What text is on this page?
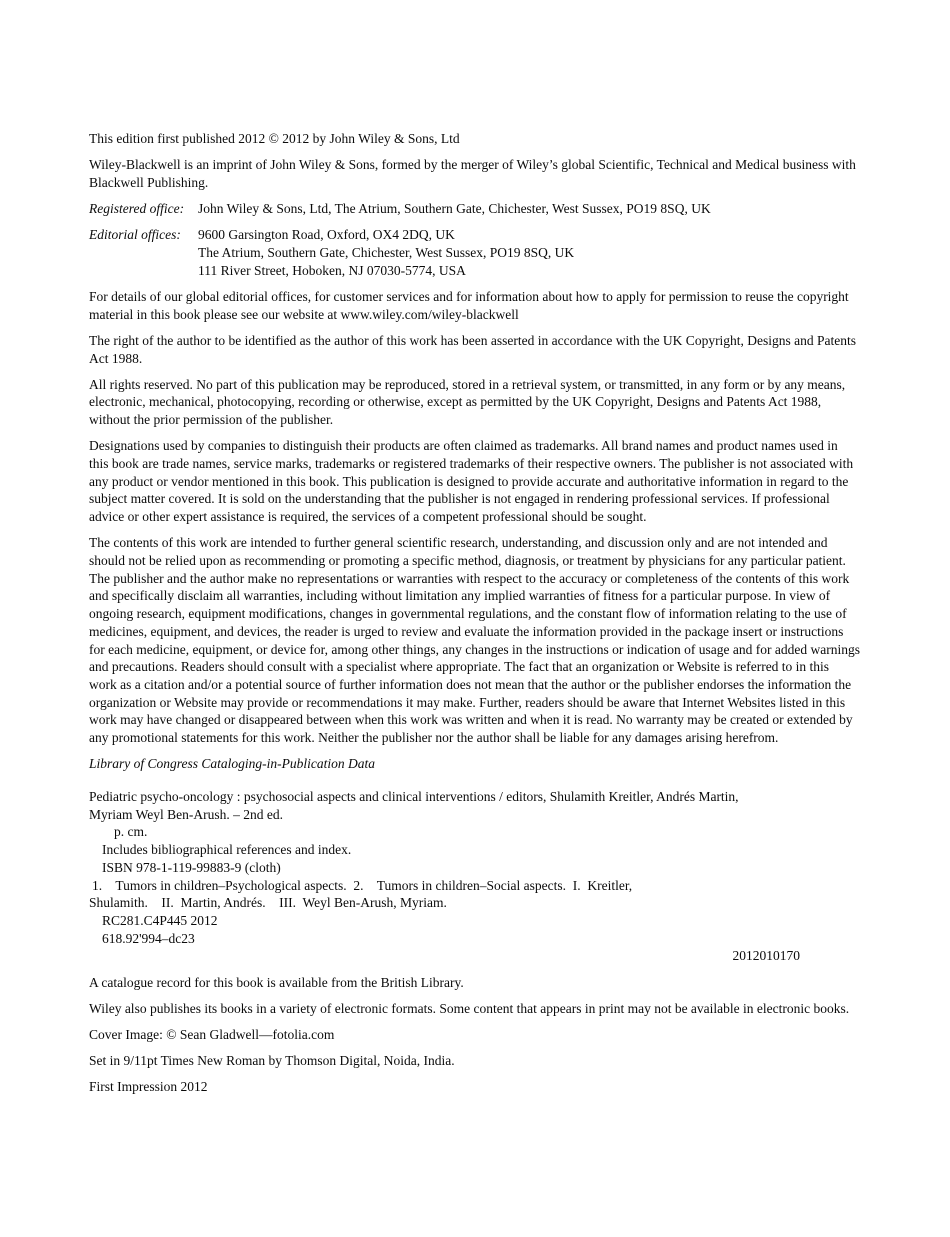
This edition first published 2012 © 2012 by John Wiley & Sons, Ltd

Wiley-Blackwell is an imprint of John Wiley & Sons, formed by the merger of Wiley’s global Scientific, Technical and Medical business with Blackwell Publishing.

Registered office:	John Wiley & Sons, Ltd, The Atrium, Southern Gate, Chichester, West Sussex, PO19 8SQ, UK
Editorial offices:	9600 Garsington Road, Oxford, OX4 2DQ, UK
The Atrium, Southern Gate, Chichester, West Sussex, PO19 8SQ, UK
111 River Street, Hoboken, NJ 07030-5774, USA

For details of our global editorial offices, for customer services and for information about how to apply for permission to reuse the copyright material in this book please see our website at www.wiley.com/wiley-blackwell

The right of the author to be identified as the author of this work has been asserted in accordance with the UK Copyright, Designs and Patents Act 1988.

All rights reserved. No part of this publication may be reproduced, stored in a retrieval system, or transmitted, in any form or by any means, electronic, mechanical, photocopying, recording or otherwise, except as permitted by the UK Copyright, Designs and Patents Act 1988, without the prior permission of the publisher.

Designations used by companies to distinguish their products are often claimed as trademarks. All brand names and product names used in this book are trade names, service marks, trademarks or registered trademarks of their respective owners. The publisher is not associated with any product or vendor mentioned in this book. This publication is designed to provide accurate and authoritative information in regard to the subject matter covered. It is sold on the understanding that the publisher is not engaged in rendering professional services. If professional advice or other expert assistance is required, the services of a competent professional should be sought.

The contents of this work are intended to further general scientific research, understanding, and discussion only and are not intended and should not be relied upon as recommending or promoting a specific method, diagnosis, or treatment by physicians for any particular patient. The publisher and the author make no representations or warranties with respect to the accuracy or completeness of the contents of this work and specifically disclaim all warranties, including without limitation any implied warranties of fitness for a particular purpose. In view of ongoing research, equipment modifications, changes in governmental regulations, and the constant flow of information relating to the use of medicines, equipment, and devices, the reader is urged to review and evaluate the information provided in the package insert or instructions for each medicine, equipment, or device for, among other things, any changes in the instructions or indication of usage and for added warnings and precautions. Readers should consult with a specialist where appropriate. The fact that an organization or Website is referred to in this work as a citation and/or a potential source of further information does not mean that the author or the publisher endorses the information the organization or Website may provide or recommendations it may make. Further, readers should be aware that Internet Websites listed in this work may have changed or disappeared between when this work was written and when it is read. No warranty may be created or extended by any promotional statements for this work. Neither the publisher nor the author shall be liable for any damages arising herefrom.

Library of Congress Cataloging-in-Publication Data

Pediatric psycho-oncology : psychosocial aspects and clinical interventions / editors, Shulamith Kreitler, Andrés Martin,
Myriam Weyl Ben-Arush. – 2nd ed.
p. cm.
Includes bibliographical references and index.
ISBN 978-1-119-99883-9 (cloth)
1.    Tumors in children–Psychological aspects.  2.    Tumors in children–Social aspects.  I.  Kreitler,
Shulamith.    II.  Martin, Andrés.    III.  Weyl Ben-Arush, Myriam.
RC281.C4P445 2012
618.92'994–dc23
2012010170

A catalogue record for this book is available from the British Library.

Wiley also publishes its books in a variety of electronic formats. Some content that appears in print may not be available in electronic books.

Cover Image: © Sean Gladwell—fotolia.com

Set in 9/11pt Times New Roman by Thomson Digital, Noida, India.

First Impression 2012
